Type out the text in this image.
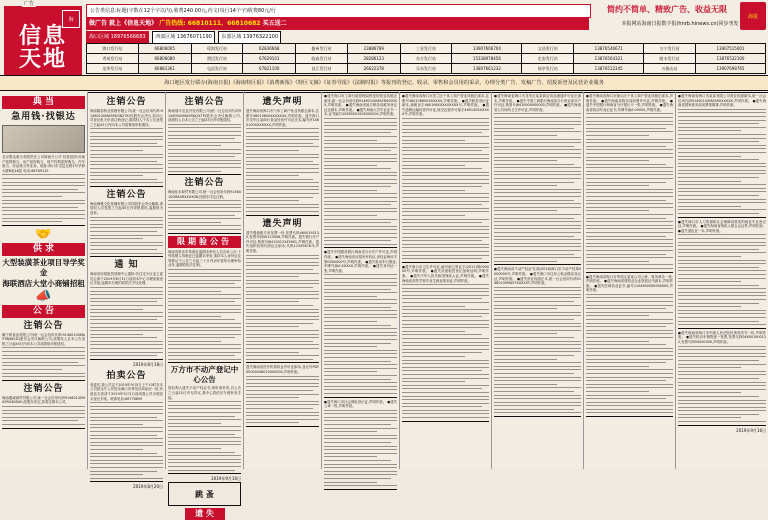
信息
天地
海
广告
公告类信息:标题(字数在12个字以内),收费240.00元,内文(每行14个字)收费80元/行
做广告 就上《信息天地》 广告热线: 66810111、66810682 买五送二
简约不简单、精致广告、收益无限
本报网站海南日报数字报(hnrb.hinews.cn)同步刊发
海报
海口区域 18976566683 西部区域 13676071190 东部区域 13976322100
海口发行站	66806005	琼海发行站	62836668	儋州发行站	23886789	三亚发行站	13907606704	文昌发行站	13876546671	万宁发行站	13907515001
秀英发行站	66806080	澄迈发行站	67629101	临高发行站	28286123	东方发行站	15338978456	定安发行站	13876564321	陵水发行站	13876532100
龙华发行站	66881361	屯昌发行站	67821100	昌江发行站	26622378	乐东发行站	13807661232	保亭发行站	13876512345	五指山站	13907698765
海口地区发行联办(海南日报)《海南特区报》《消费新报》《特区文摘》《证券导报》《法制时报》等报刊的登记、收录、零售和会员用的采录、办理分类广告、发稿广告、招投诉登及民营企业服务
典 当
急用钱·找银达
北京银达典当有限责任公司海南分公司 经营范围:房地产抵押典当、动产质押典当、财产权利质押典当、汽车典当、民品典当等业务。地址:海口市龙昆北路2号华润大厦B座18层 电话:66789110
🤝
供 求
大型装潢茶业项目导学奖金
海联酒店大堂小商铺招租
📣
公 告
注销公告
椰子树食品有限公司(统一社会信用代码:91460100MA5T8J6K1D)股东会决议解散公司,请债权人自本公告见报之日起45日内向本公司清算组申报债权。
注销公告
海南鑫诚商贸有限公司,统一社会信用代码91460100MA5RX4K8XH,经股东决定,拟将注销本公司。
注销公告
海南隆泰物业管理有限公司(统一社会信用代码:91460100MA5RD3N27K)经股东会决议,拟向公司登记机关申请注销登记,请债权人于本公告登报之日起45日内向本公司清算组申报债权。
注销公告
海南博雅文化传播有限公司经股东会决议解散,请债权人自见报之日起45日内申报债权,逾期视为放弃。
通 知
海南省房屋租赁管理中心通知:各住宅小区业主委员会请于2019年8月31日前到本中心办理备案登记手续,逾期未办理的将依法予以处理。
2019年8月18日
拍卖公告
受委托,我公司定于2019年9月5日上午10时在本公司拍卖厅公开拍卖海口市秀英区商品房一批,有意竞买者请于2019年9月3日前到我公司办理竞买登记手续。联系电话:66778899
2019年8月20日
注销公告
海南瑞丰农业开发有限公司(统一社会信用代码91460000MA5RKJ2X7P)股东会决议解散公司,请债权人自本公告之日起45日内申报债权。
注销公告
海南佳禾商贸有限公司,统一社会信用代码91460100MA5RXXXX0B,经股东决定注销。
限期验公告
海南省机动车驾驶证逾期未审验人员名单公告:下列驾驶人驾驶证已逾期未审验,请持本人身份证及驾驶证于公告之日起三十日内到车管所办理审验业务,逾期将依法注销。
万方市不动产登记中心公告
因权利人遗失不动产权证书,现申请补发,自公告之日起15日内无异议,我中心将依法办理补发手续。
2019年9月16日
跳 蚤
遗 失
遗失声明
遗失海南省海口市个体工商户营业执照正副本,注册号46010600XXXXXXX,声明作废。遗失海口市龙华区某商行食品经营许可证正本,编号JY1460100XXXXXXX,声明作废。
遗失声明
遗失增值税专用发票一份,发票代码4600193130,发票号码00123456,声明作废。遗失银行开户许可证,核准号J6410012345601,声明作废。遗失组织机构代码证正副本,代码12345678-9,声明作废。
遗失海南省医疗机构执业许可证副本,登记号PDY00000046010000000,声明作废。
●遗失海口市工商行政管理局核发的营业执照正副本,统一社会信用代码91460100MA5R0000XX,声明作废。 ●遗失海南省地方税务局税务登记证正副本,声明作废。 ●遗失海南大学毕业证书一本,证书编号10589201905000000,声明作废。
●遗失中国建设银行海南省分行开户许可证,声明作废。 ●遗失海南省房屋所有权证,房权证海房字第0000000号,声明作废。 ●遗失机动车行驶证,车牌号琼A·XXXXX,声明作废。 ●遗失身份证一张,声明作废。
●遗失海口市社会保险登记证,声明作废。 ●遗失公章一枚,声明作废。
●遗失海南省海口市美兰区个体工商户营业执照正副本,注册号460108600XXXXXX,声明作废。 ●遗失税务登记证副本,琼税登字460106XXXXXXXXX号,声明作废。 ●遗失道路运输经营许可证,琼交运管许可琼字460100XXXXXX号,声明作废。
●遗失海口市卫生许可证,编号琼卫食证字(2011)第000000号,声明作废。 ●遗失房屋租赁登记备案证明,声明作废。 ●遗失中华人民共和国残疾人证,声明作废。 ●遗失海南省高等学校毕业生就业报到证,声明作废。
●遗失海南省海口市龙华区某某商店食品流通许可证正副本,声明作废。 ●遗失中国工商银行海南省分行营业部开户许可证,核准号J6410000000000,声明作废。 ●遗失海南省公共场所卫生许可证,声明作废。
●遗失海南省不动产权证书,琼(2018)海口市不动产权第0000000号,声明作废。 ●遗失海口市住房公积金缴存登记证,声明作废。 ●遗失营业执照正本,统一社会信用代码91460100MA5TXXXX5Y,声明作废。
●遗失海南省海口市琼山区个体工商户营业执照正副本,声明作废。 ●遗失海南省物价局收费许可证,声明作废。 ●遗失中国银行海南省分行银行卡一张,声明作废。 ●遗失海南省机动车登记证书,车牌号琼A·00000,声明作废。
●遗失海南省海口市秀英区某某公司公章、财务章各一枚,声明作废。 ●遗失海南省建筑业企业资质证书副本,声明作废。 ●遗失医师执业证书,编号1104600000000000,声明作废。
●遗失海南省海口市某某有限公司营业执照副本,统一社会信用代码91460100MA5RXXXXXX,声明作废。 ●遗失海南省国家税务局发票领购簿,声明作废。
●遗失海口市人力资源和社会保障局核发的就业失业登记证,声明作废。 ●遗失海南省残疾人联合会证件,声明作废。 ●遗失退伍证一本,声明作废。
●遗失海南省海口市中级人民法院民事判决书一份,声明作废。 ●遗失机动车销售统一发票,发票代码046001900122,发票号码00000000,声明作废。
2019年9月16日
